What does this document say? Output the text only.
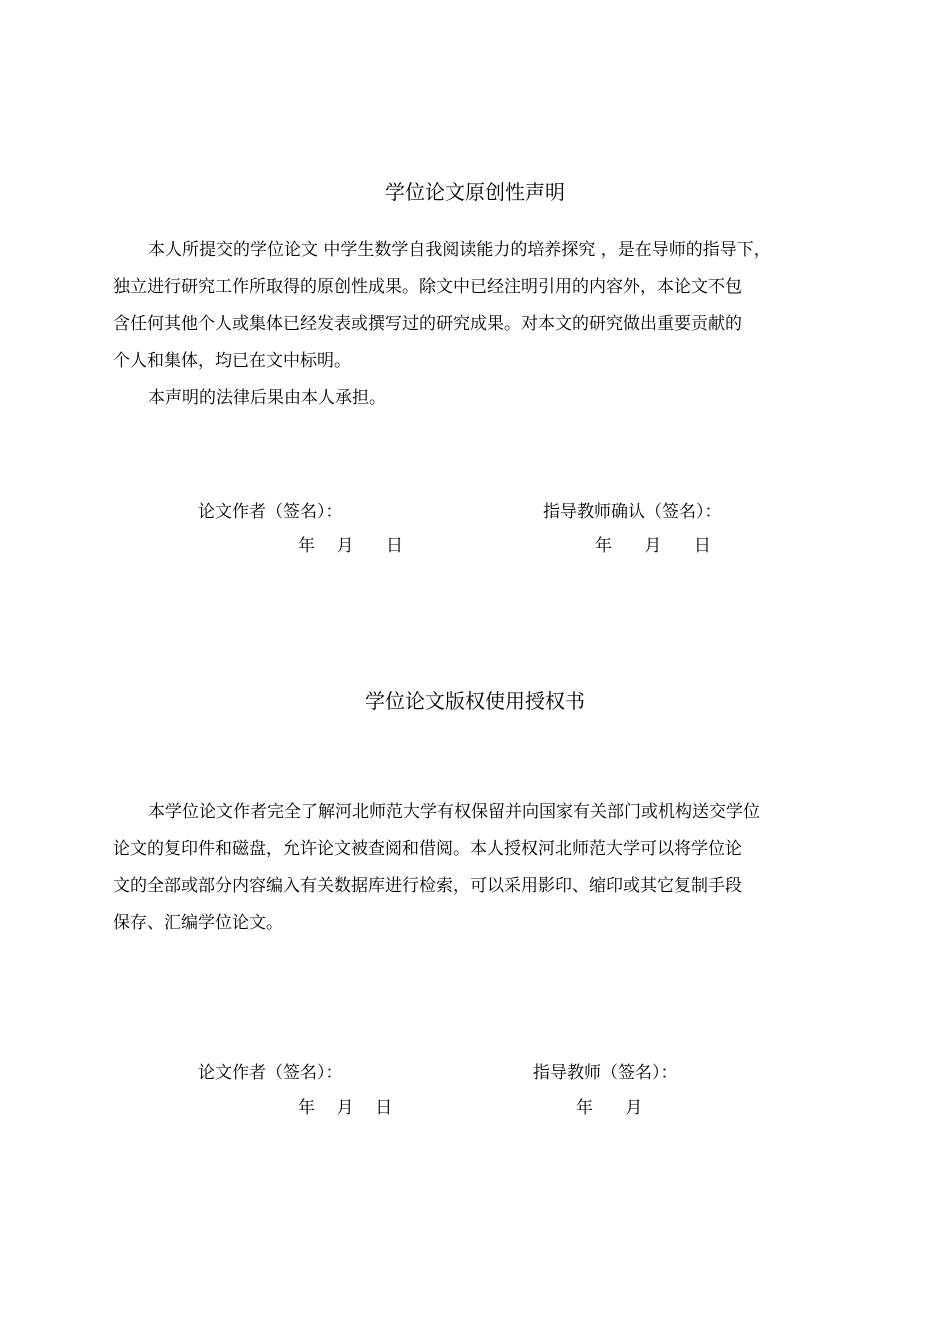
学位论文原创性声明
本人所提交的学位论文 中学生数学自我阅读能力的培养探究 ，是在导师的指导下，
独立进行研究工作所取得的原创性成果。除文中已经注明引用的内容外，本论文不包
含任何其他个人或集体已经发表或撰写过的研究成果。对本文的研究做出重要贡献的
个人和集体，均已在文中标明。
本声明的法律后果由本人承担。
论文作者（签名）：	指导教师确认（签名）：
年    月      日	年      月      日
学位论文版权使用授权书
本学位论文作者完全了解河北师范大学有权保留并向国家有关部门或机构送交学位
论文的复印件和磁盘，允许论文被查阅和借阅。本人授权河北师范大学可以将学位论
文的全部或部分内容编入有关数据库进行检索，可以采用影印、缩印或其它复制手段
保存、汇编学位论文。
论文作者（签名）：	指导教师（签名）：
年    月    日	年      月
